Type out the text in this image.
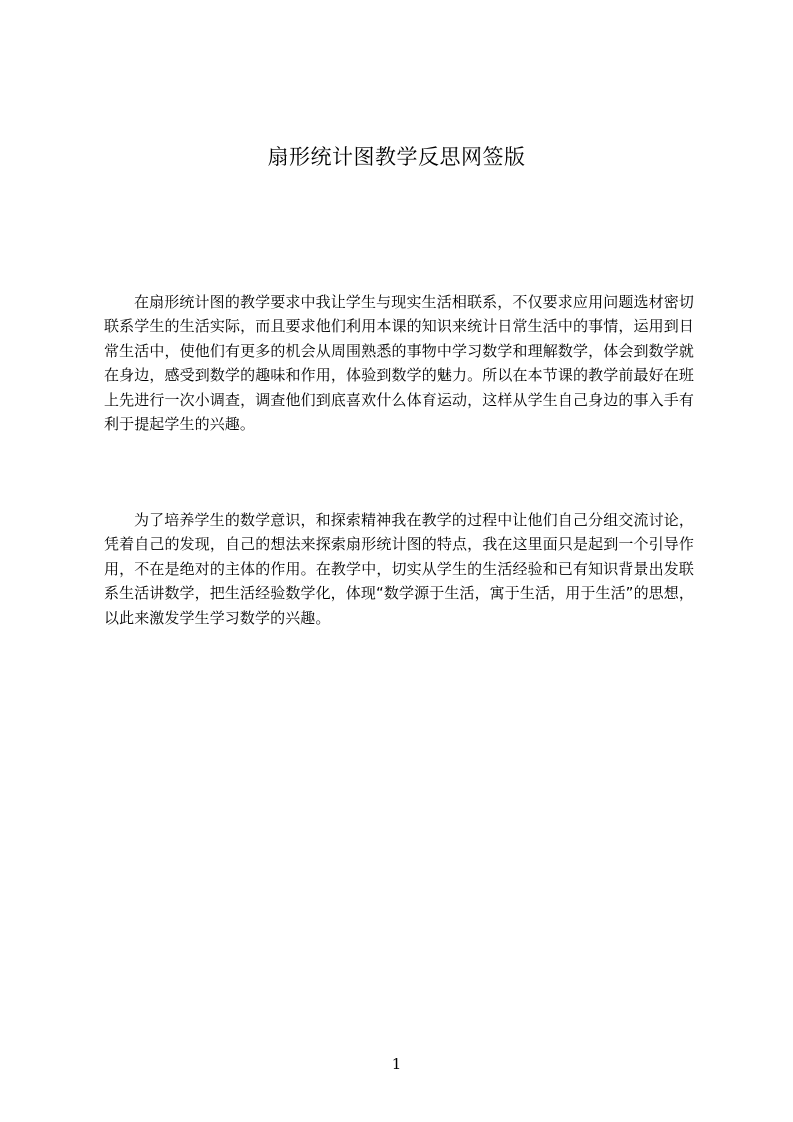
扇形统计图教学反思网签版

在扇形统计图的教学要求中我让学生与现实生活相联系，不仅要求应用问题选材密切联系学生的生活实际，而且要求他们利用本课的知识来统计日常生活中的事情，运用到日常生活中，使他们有更多的机会从周围熟悉的事物中学习数学和理解数学，体会到数学就在身边，感受到数学的趣味和作用，体验到数学的魅力。所以在本节课的教学前最好在班上先进行一次小调查，调查他们到底喜欢什么体育运动，这样从学生自己身边的事入手有利于提起学生的兴趣。

为了培养学生的数学意识，和探索精神我在教学的过程中让他们自己分组交流讨论，凭着自己的发现，自己的想法来探索扇形统计图的特点，我在这里面只是起到一个引导作用，不在是绝对的主体的作用。在教学中，切实从学生的生活经验和已有知识背景出发联系生活讲数学，把生活经验数学化，体现“数学源于生活，寓于生活，用于生活”的思想，以此来激发学生学习数学的兴趣。

1
